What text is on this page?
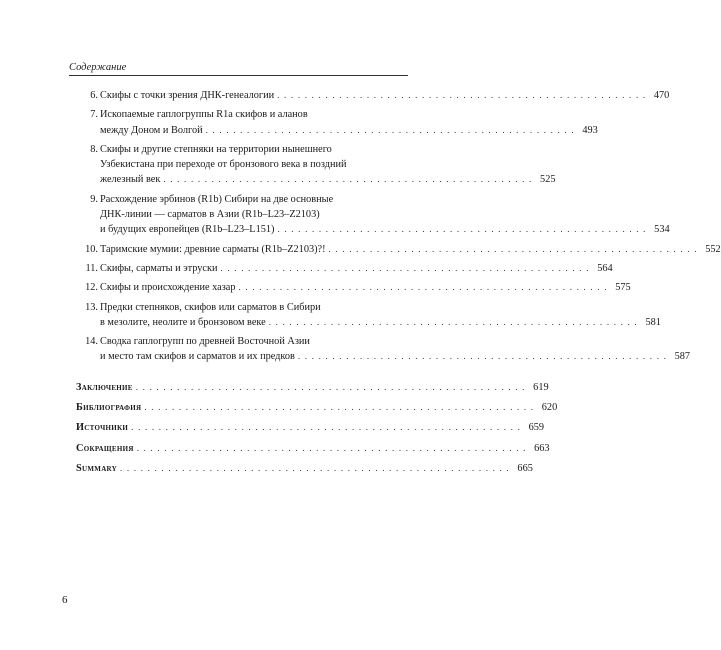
Содержание
6. Скифы с точки зрения ДНК-генеалогии . . . . . . . . . . . . . . . . . . . . . . . . . . . . . . . . . . . . . . . . . . . . . . . . . . . . . . 470
7. Ископаемые гаплогруппы R1a скифов и аланов
между Доном и Волгой . . . . . . . . . . . . . . . . . . . . . . . . . . . . . . . . . . . . . . . . . . . . . . . . . . . . . . 493
8. Скифы и другие степняки на территории нынешнего
Узбекистана при переходе от бронзового века в поздний
железный век . . . . . . . . . . . . . . . . . . . . . . . . . . . . . . . . . . . . . . . . . . . . . . . . . . . . . . 525
9. Расхождение эрбинов (R1b) Сибири на две основные
ДНК-линии — сарматов в Азии (R1b–L23–Z2103)
и будущих европейцев (R1b–L23–L151) . . . . . . . . . . . . . . . . . . . . . . . . . . . . . . . . . . . . . . . . . . . . . . . . . . . . . . 534
10. Таримские мумии: древние сарматы (R1b–Z2103)?! . . . . . . . . . . . . . . . . . . . . . . . . . . . . . . . . . . . . . . . . . . . . . . . . . . . . . . 552
11. Скифы, сарматы и этруски . . . . . . . . . . . . . . . . . . . . . . . . . . . . . . . . . . . . . . . . . . . . . . . . . . . . . . 564
12. Скифы и происхождение хазар . . . . . . . . . . . . . . . . . . . . . . . . . . . . . . . . . . . . . . . . . . . . . . . . . . . . . . 575
13. Предки степняков, скифов или сарматов в Сибири
в мезолите, неолите и бронзовом веке . . . . . . . . . . . . . . . . . . . . . . . . . . . . . . . . . . . . . . . . . . . . . . . . . . . . . . 581
14. Сводка гаплогрупп по древней Восточной Азии
и место там скифов и сарматов и их предков . . . . . . . . . . . . . . . . . . . . . . . . . . . . . . . . . . . . . . . . . . . . . . . . . . . . . . 587
Заключение . . . . . . . . . . . . . . . . . . . . . . . . . . . . . . . . . . . . . . . . . . . . . . . . . . . . . . . . . 619
Библиография . . . . . . . . . . . . . . . . . . . . . . . . . . . . . . . . . . . . . . . . . . . . . . . . . . . . . . . . . 620
Источники . . . . . . . . . . . . . . . . . . . . . . . . . . . . . . . . . . . . . . . . . . . . . . . . . . . . . . . . . 659
Сокращения . . . . . . . . . . . . . . . . . . . . . . . . . . . . . . . . . . . . . . . . . . . . . . . . . . . . . . . . . 663
Summary . . . . . . . . . . . . . . . . . . . . . . . . . . . . . . . . . . . . . . . . . . . . . . . . . . . . . . . . . 665
6
